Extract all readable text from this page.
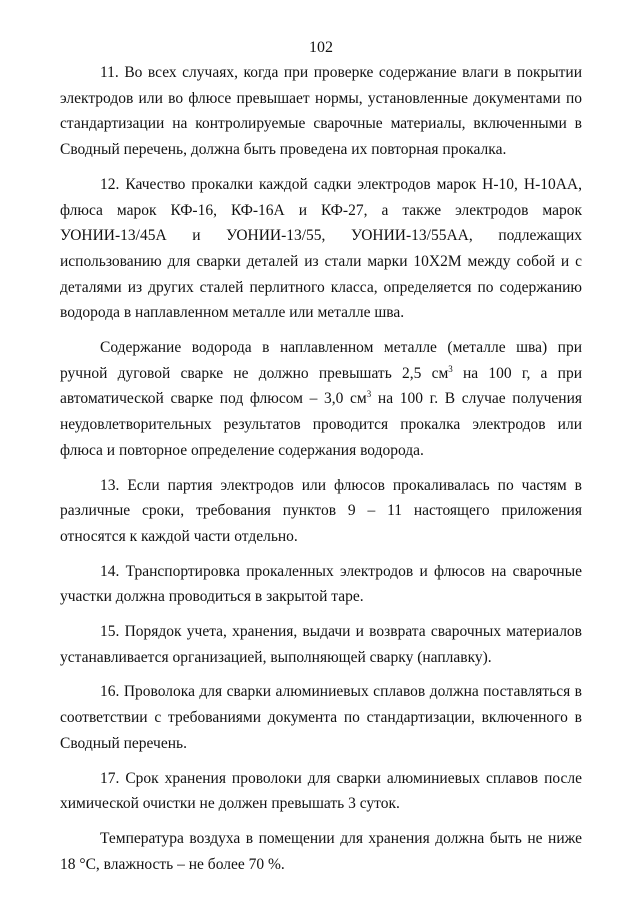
102

11. Во всех случаях, когда при проверке содержание влаги в покрытии электродов или во флюсе превышает нормы, установленные документами по стандартизации на контролируемые сварочные материалы, включенными в Сводный перечень, должна быть проведена их повторная прокалка.

12. Качество прокалки каждой садки электродов марок Н-10, Н-10АА, флюса марок КФ-16, КФ-16А и КФ-27, а также электродов марок УОНИИ-13/45А и УОНИИ-13/55, УОНИИ-13/55АА, подлежащих использованию для сварки деталей из стали марки 10Х2М между собой и с деталями из других сталей перлитного класса, определяется по содержанию водорода в наплавленном металле или металле шва.

Содержание водорода в наплавленном металле (металле шва) при ручной дуговой сварке не должно превышать 2,5 $см^3$ на 100 г, а при автоматической сварке под флюсом – 3,0 $см^3$ на 100 г. В случае получения неудовлетворительных результатов проводится прокалка электродов или флюса и повторное определение содержания водорода.

13. Если партия электродов или флюсов прокаливалась по частям в различные сроки, требования пунктов 9 – 11 настоящего приложения относятся к каждой части отдельно.

14. Транспортировка прокаленных электродов и флюсов на сварочные участки должна проводиться в закрытой таре.

15. Порядок учета, хранения, выдачи и возврата сварочных материалов устанавливается организацией, выполняющей сварку (наплавку).

16. Проволока для сварки алюминиевых сплавов должна поставляться в соответствии с требованиями документа по стандартизации, включенного в Сводный перечень.

17. Срок хранения проволоки для сварки алюминиевых сплавов после химической очистки не должен превышать 3 суток.

Температура воздуха в помещении для хранения должна быть не ниже 18 °С, влажность – не более 70 %.
